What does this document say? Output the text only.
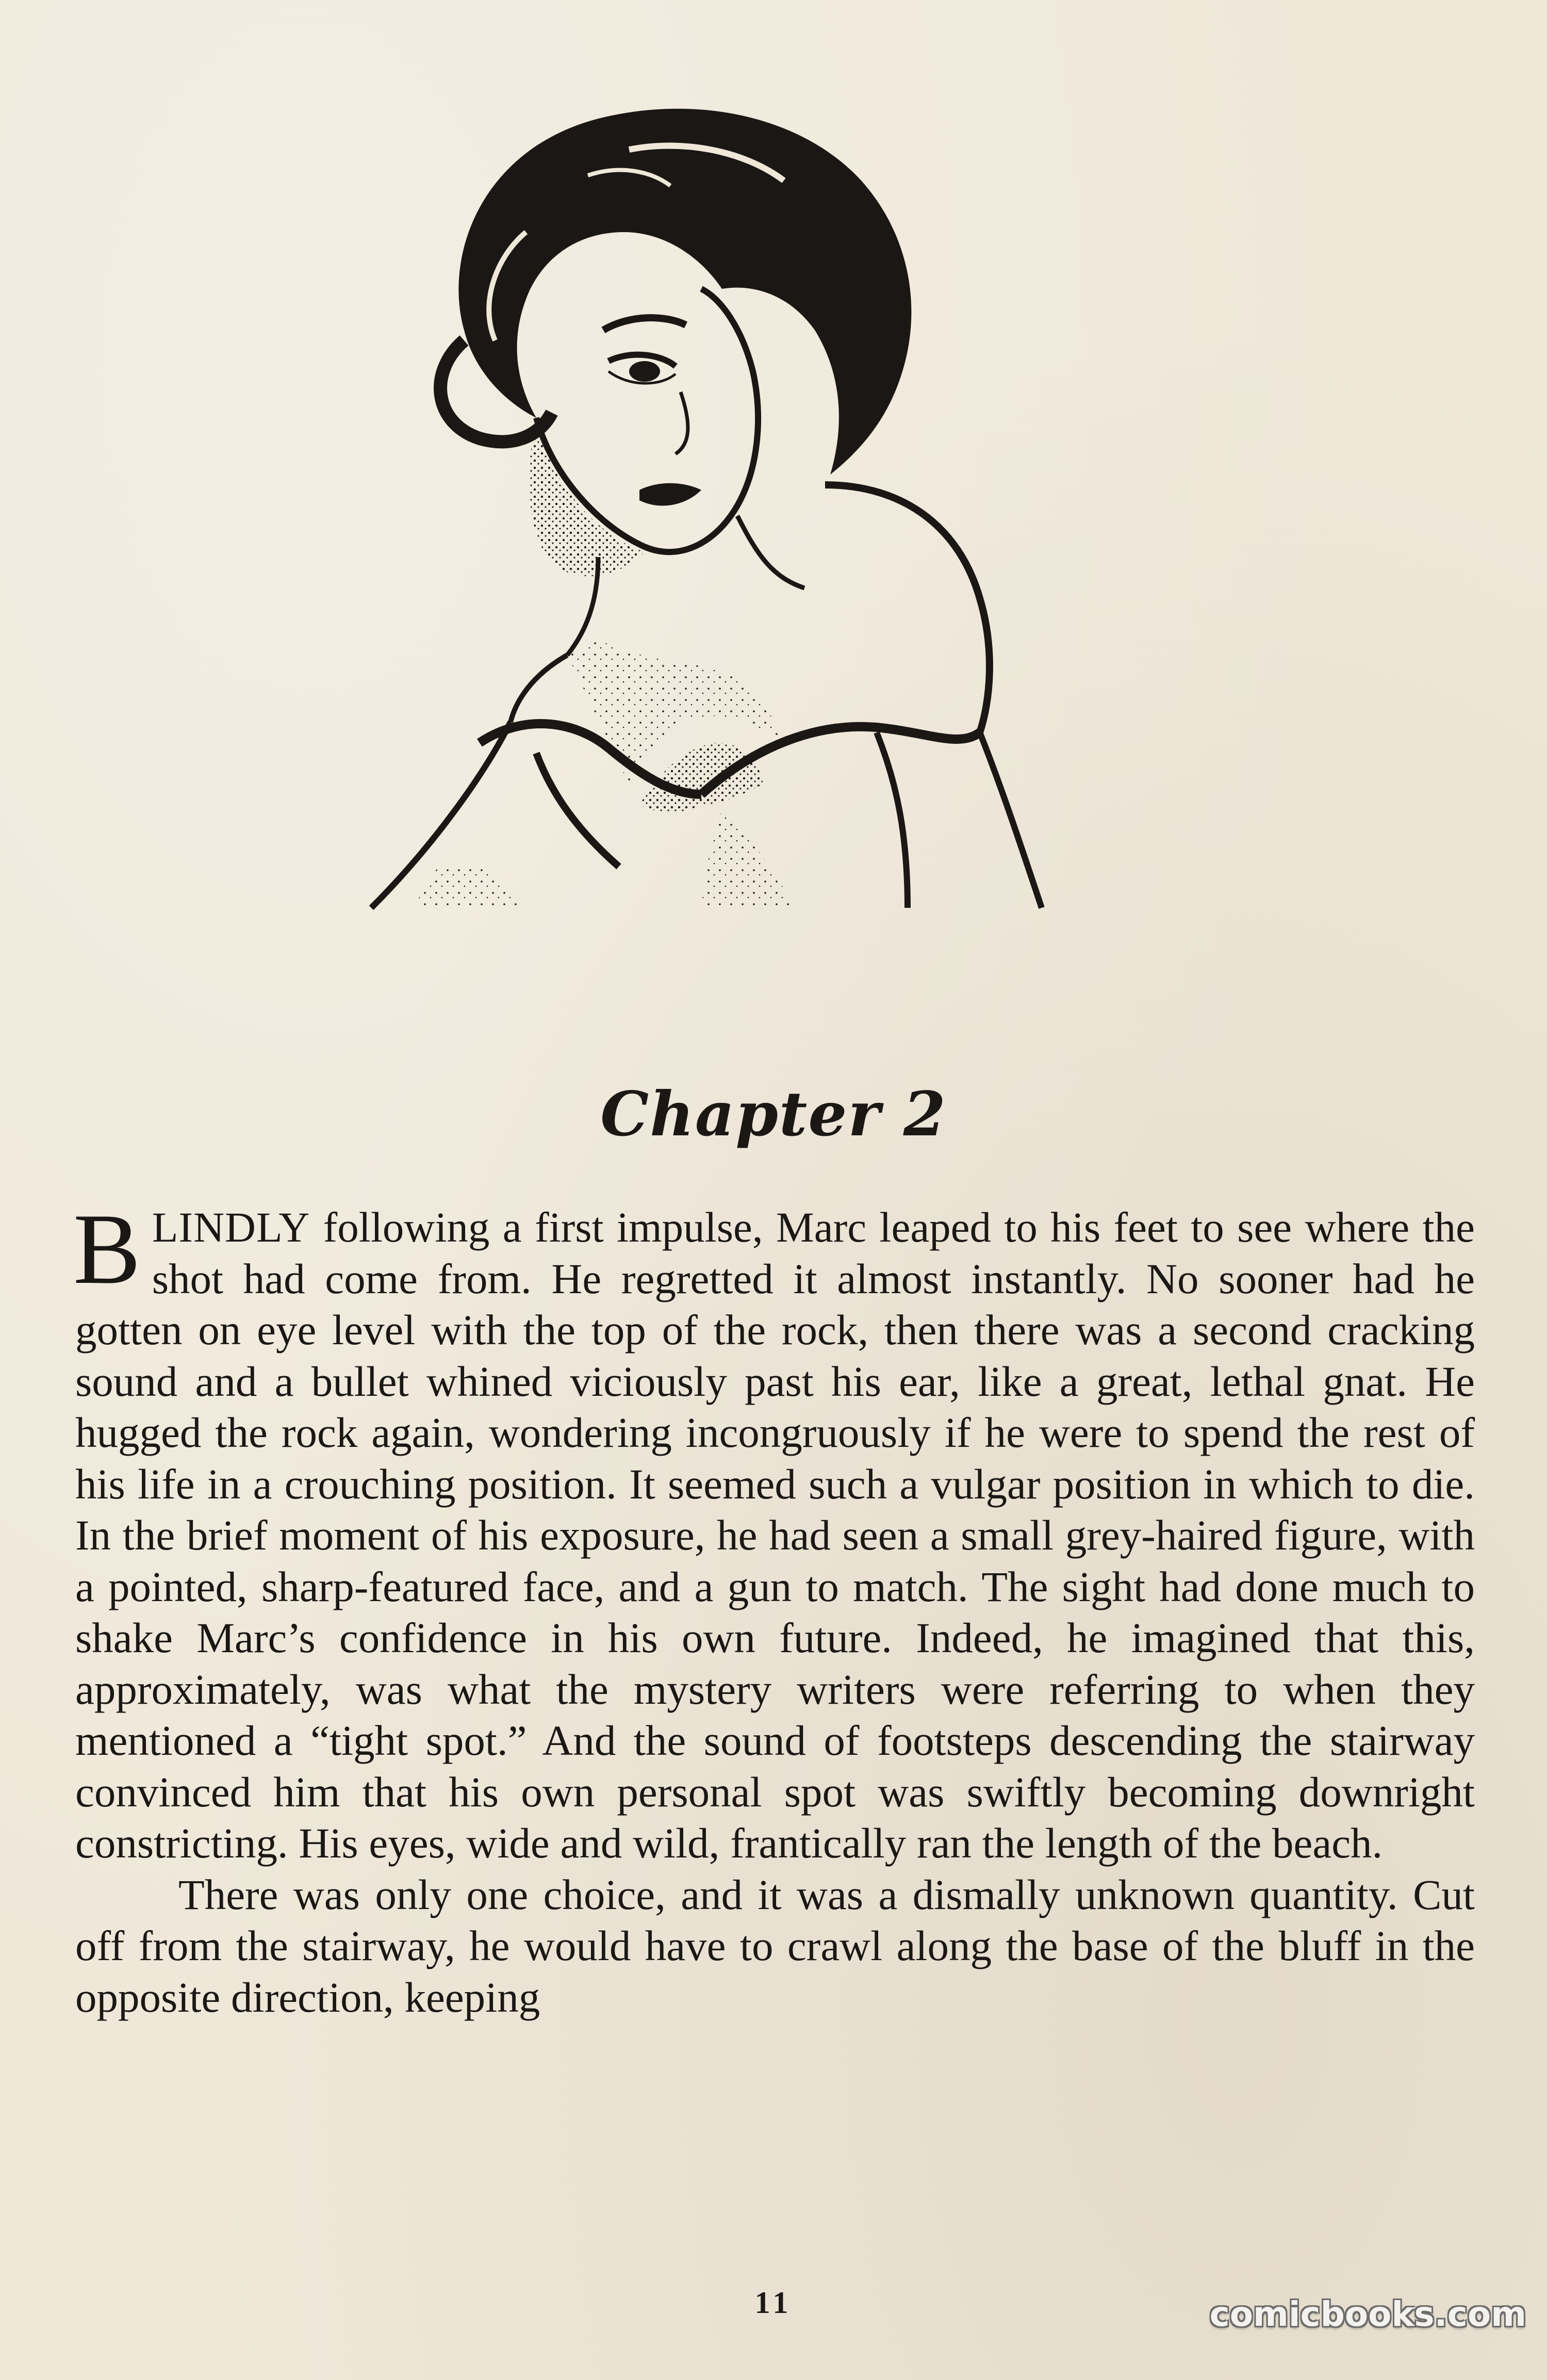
Chapter 2

BLINDLY following a first impulse, Marc leaped to his feet to see where the shot had come from. He regretted it almost instantly. No sooner had he gotten on eye level with the top of the rock, then there was a second cracking sound and a bullet whined viciously past his ear, like a great, lethal gnat. He hugged the rock again, wondering incongruously if he were to spend the rest of his life in a crouching position. It seemed such a vulgar position in which to die. In the brief moment of his exposure, he had seen a small grey-haired figure, with a pointed, sharp-featured face, and a gun to match. The sight had done much to shake Marc’s confidence in his own future. Indeed, he imagined that this, approximately, was what the mystery writers were referring to when they mentioned a “tight spot.” And the sound of footsteps descending the stairway convinced him that his own personal spot was swiftly becoming downright constricting. His eyes, wide and wild, frantically ran the length of the beach.

There was only one choice, and it was a dismally unknown quantity. Cut off from the stairway, he would have to crawl along the base of the bluff in the opposite direction, keeping

11	comicbooks.com
